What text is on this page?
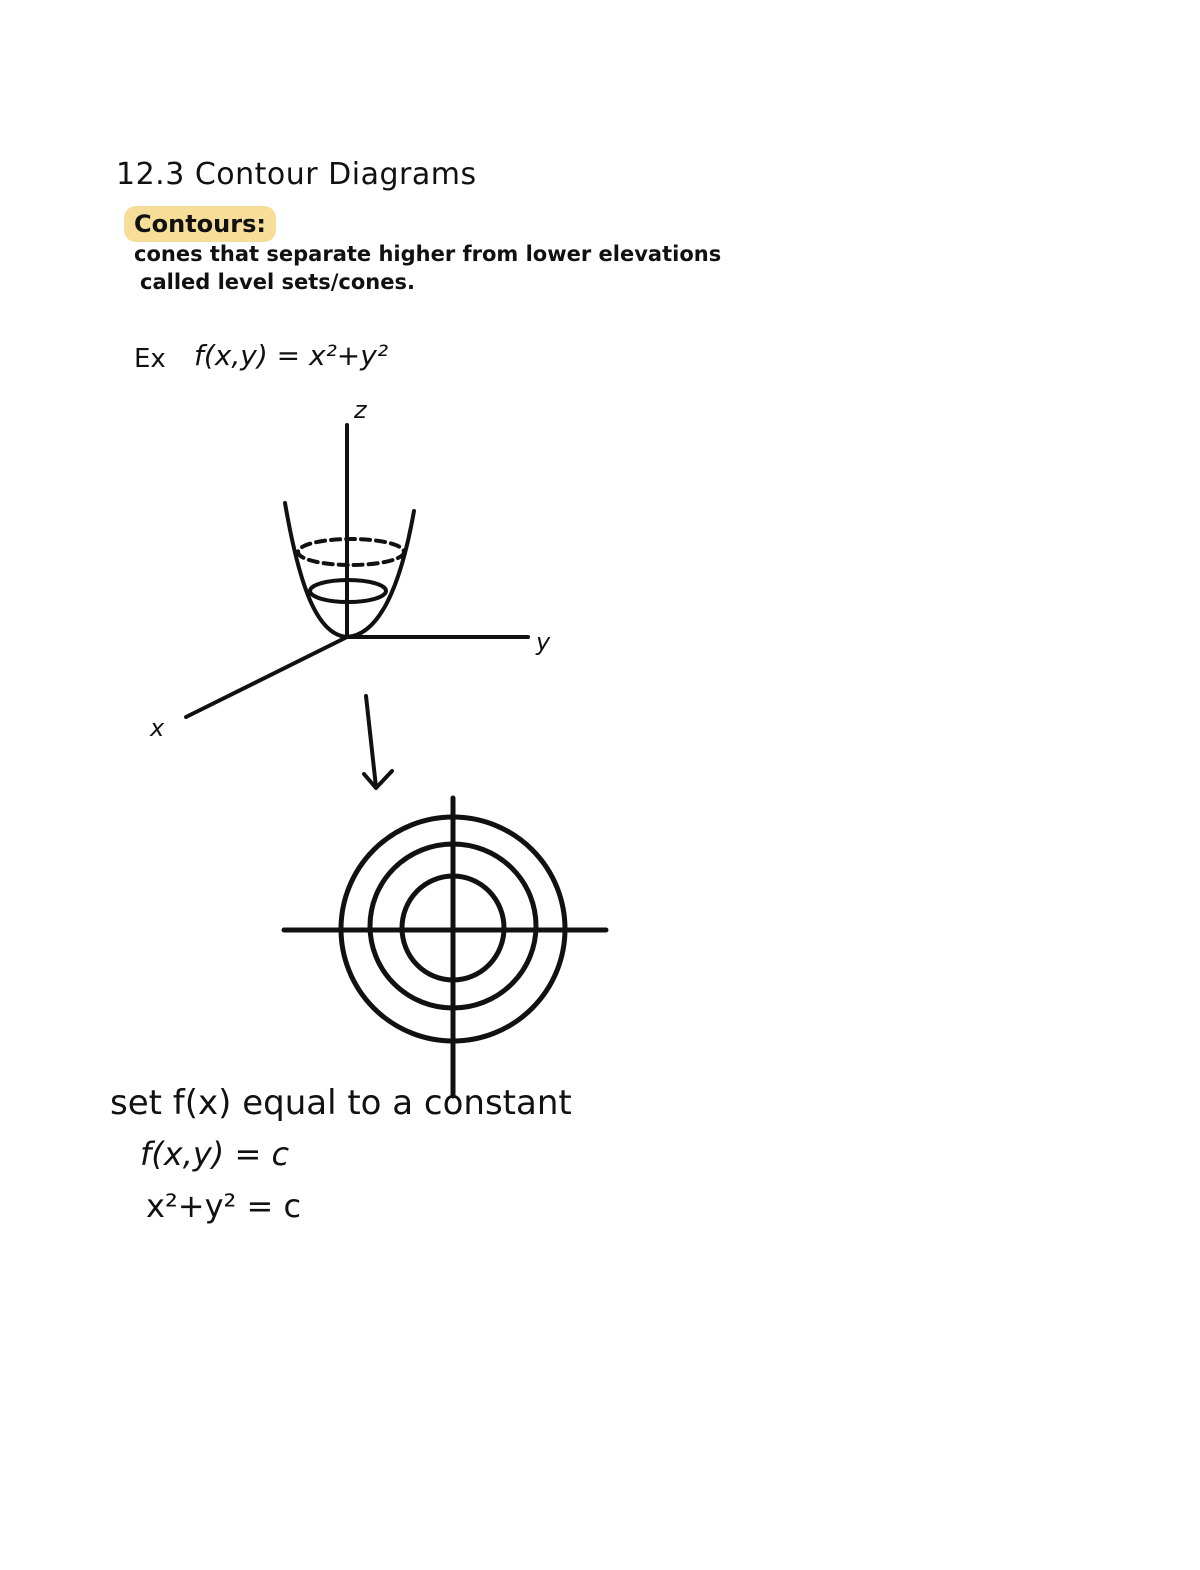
12.3 Contour Diagrams
Contours:
cones that separate higher from lower elevations
called level sets/cones.
Ex f(x,y) = x²+y²
z
y
x
set f(x) equal to a constant
f(x,y) = c
x²+y² = c
